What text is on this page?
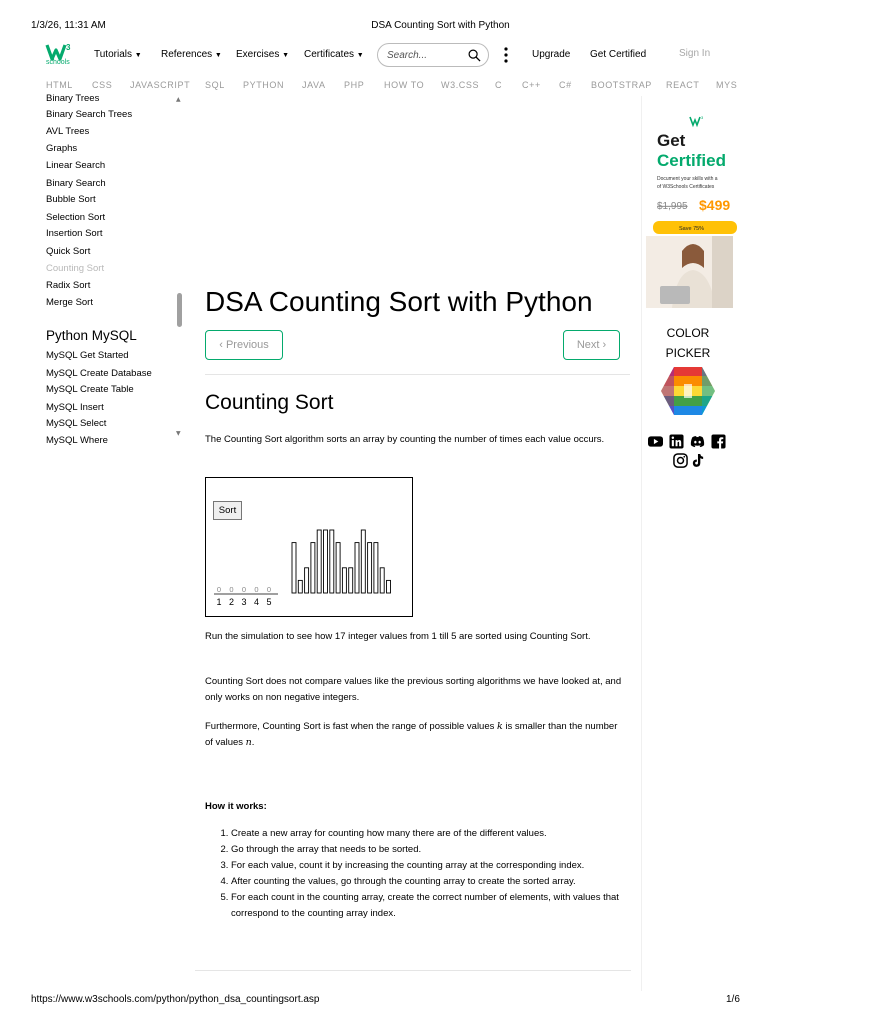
1/3/26, 11:31 AM	DSA Counting Sort with Python
https://www.w3schools.com/python/python_dsa_countingsort.asp	1/6
3
schools
Tutorials ▼ References ▼ Exercises ▼ Certificates ▼
Search...	Upgrade Get Certified	Sign In
HTML CSS JAVASCRIPT SQL PYTHON JAVA PHP HOW TO W3.CSS C C++ C# BOOTSTRAP REACT MYS
Binary Trees
Binary Search Trees
AVL Trees
Graphs
Linear Search
Binary Search
Bubble Sort
Selection Sort
Insertion Sort
Quick Sort
Counting Sort
Radix Sort
Merge Sort
Python MySQL
MySQL Get Started
MySQL Create Database
MySQL Create Table
MySQL Insert
MySQL Select
MySQL Where
▲
▼
DSA Counting Sort with Python
‹ Previous	Next ›
Counting Sort
The Counting Sort algorithm sorts an array by counting the number of times each value occurs.
Sort
0 0 0 0 0
1 2 3 4 5
Run the simulation to see how 17 integer values from 1 till 5 are sorted using Counting Sort.
Counting Sort does not compare values like the previous sorting algorithms we have looked at, and only works on non negative integers.
Furthermore, Counting Sort is fast when the range of possible values k is smaller than the number of values n.
How it works:
1. Create a new array for counting how many there are of the different values.
2. Go through the array that needs to be sorted.
3. For each value, count it by increasing the counting array at the corresponding index.
4. After counting the values, go through the counting array to create the sorted array.
5. For each count in the counting array, create the correct number of elements, with values that correspond to the counting array index.
3
Get
Certified
Document your skills with a
of W3Schools Certificates
$1,995 $499
Save 75%
COLOR
PICKER
